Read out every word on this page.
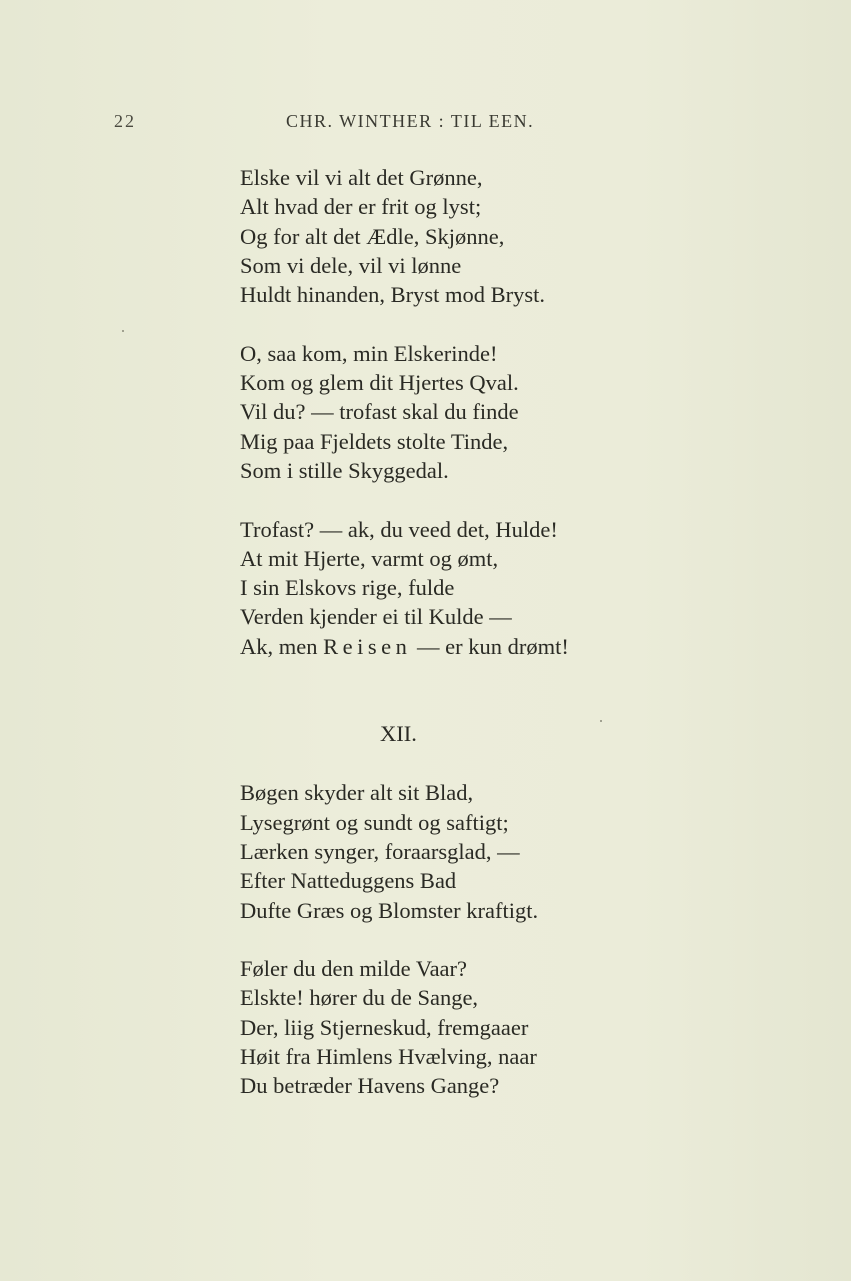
22	CHR. WINTHER : TIL EEN.
Elske vil vi alt det Grønne,
Alt hvad der er frit og lyst;
Og for alt det Ædle, Skjønne,
Som vi dele, vil vi lønne
Huldt hinanden, Bryst mod Bryst.
O, saa kom, min Elskerinde!
Kom og glem dit Hjertes Qval.
Vil du? — trofast skal du finde
Mig paa Fjeldets stolte Tinde,
Som i stille Skyggedal.
Trofast? — ak, du veed det, Hulde!
At mit Hjerte, varmt og ømt,
I sin Elskovs rige, fulde
Verden kjender ei til Kulde —
Ak, men Reisen — er kun drømt!
XII.
Bøgen skyder alt sit Blad,
Lysegrønt og sundt og saftigt;
Lærken synger, foraarsglad, —
Efter Natteduggens Bad
Dufte Græs og Blomster kraftigt.
Føler du den milde Vaar?
Elskte! hører du de Sange,
Der, liig Stjerneskud, fremgaaer
Høit fra Himlens Hvælving, naar
Du betræder Havens Gange?
